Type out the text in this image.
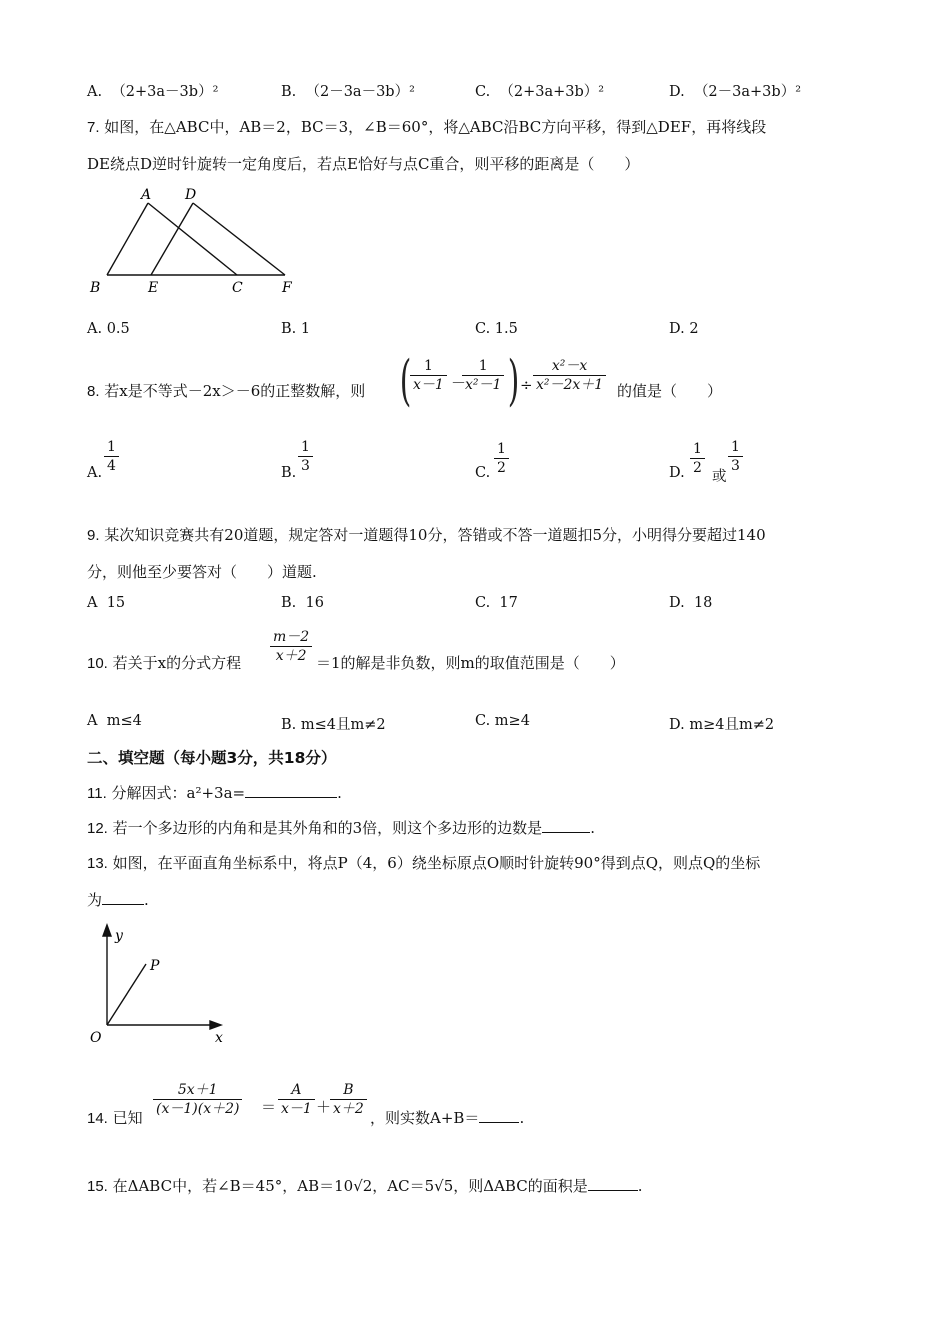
A. （2+3a－3b）²	B. （2－3a－3b）²	C. （2+3a+3b）²	D. （2－3a+3b）²
7. 如图，在△ABC中，AB＝2，BC＝3，∠B＝60°，将△ABC沿BC方向平移，得到△DEF，再将线段
DE绕点D逆时针旋转一定角度后，若点E恰好与点C重合，则平移的距离是（　　）
A D
B	E	C	F
A. 0.5	B. 1	C. 1.5	D. 2
8. 若x是不等式－2x＞－6的正整数解，则 ( 1
x－1 －
1
x²－1 ) ÷
x²－x
x²－2x＋1 的值是（　　）
A.
1
4	B.
1
3	C.
1
2	D.
1
2
或
1
3
9. 某次知识竞赛共有20道题，规定答对一道题得10分，答错或不答一道题扣5分，小明得分要超过140
分，则他至少要答对（　　）道题.
A 15	B. 16	C. 17	D. 18
10. 若关于x的分式方程
m－2
x＋2 ＝1的解是非负数，则m的取值范围是（　　）
A m≤4	B. m≤4且m≠2	C. m≥4	D. m≥4且m≠2
二、填空题（每小题3分，共18分）
11. 分解因式：a²+3a=	.
12. 若一个多边形的内角和是其外角和的3倍，则这个多边形的边数是	.
13. 如图，在平面直角坐标系中，将点P（4，6）绕坐标原点O顺时针旋转90°得到点Q，则点Q的坐标
为	.
y
P
O	x
14. 已知
5x＋1
(x－1)(x＋2) ＝
A
x－1 ＋
B
x＋2 ，则实数A+B＝	.
15. 在ΔABC中，若∠B＝45°，AB＝10√2，AC＝5√5，则ΔABC的面积是	.
